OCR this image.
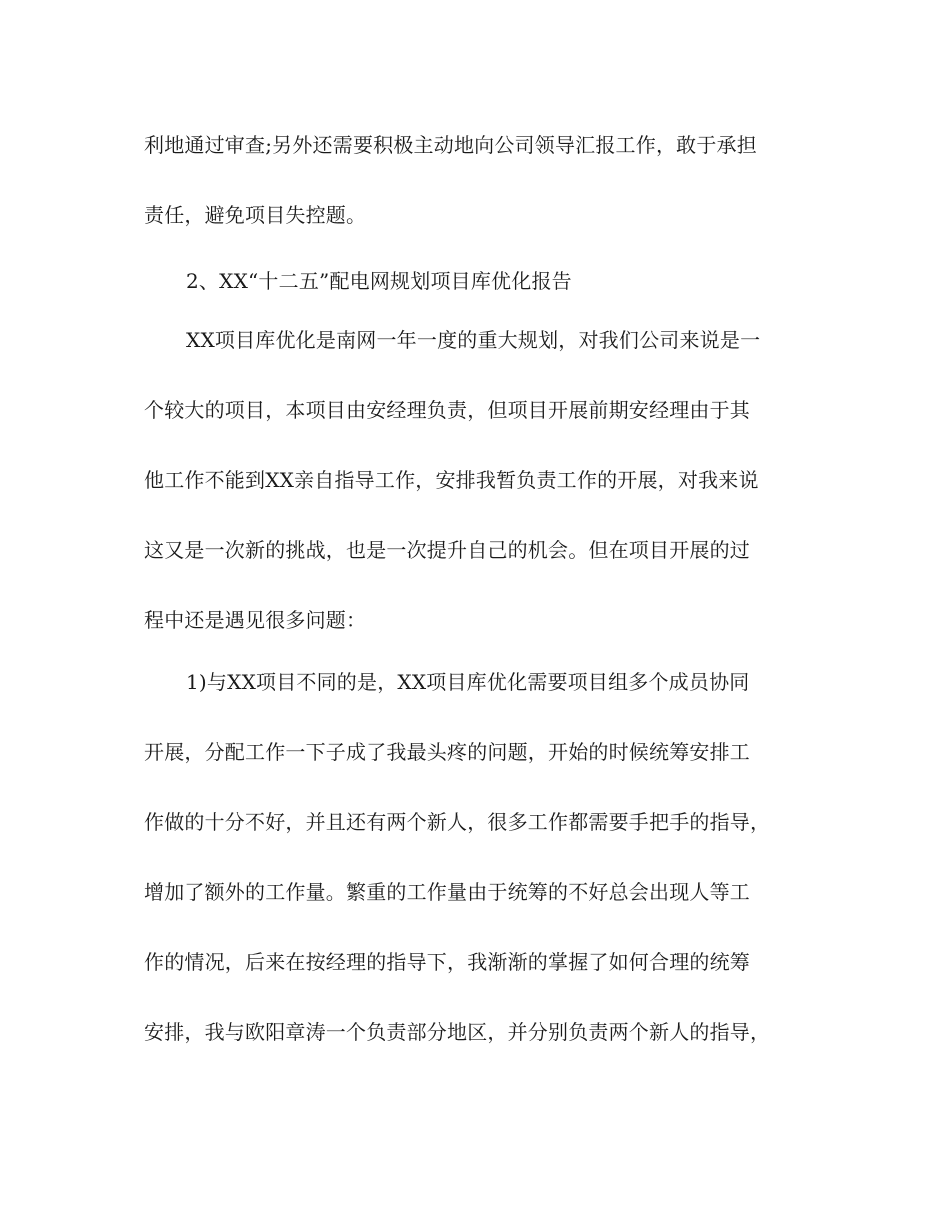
利地通过审查;另外还需要积极主动地向公司领导汇报工作，敢于承担
责任，避免项目失控题。
2、XX“十二五”配电网规划项目库优化报告
XX项目库优化是南网一年一度的重大规划，对我们公司来说是一
个较大的项目，本项目由安经理负责，但项目开展前期安经理由于其
他工作不能到XX亲自指导工作，安排我暂负责工作的开展，对我来说
这又是一次新的挑战，也是一次提升自己的机会。但在项目开展的过
程中还是遇见很多问题：
1)与XX项目不同的是，XX项目库优化需要项目组多个成员协同
开展，分配工作一下子成了我最头疼的问题，开始的时候统筹安排工
作做的十分不好，并且还有两个新人，很多工作都需要手把手的指导，
增加了额外的工作量。繁重的工作量由于统筹的不好总会出现人等工
作的情况，后来在按经理的指导下，我渐渐的掌握了如何合理的统筹
安排，我与欧阳章涛一个负责部分地区，并分别负责两个新人的指导，
